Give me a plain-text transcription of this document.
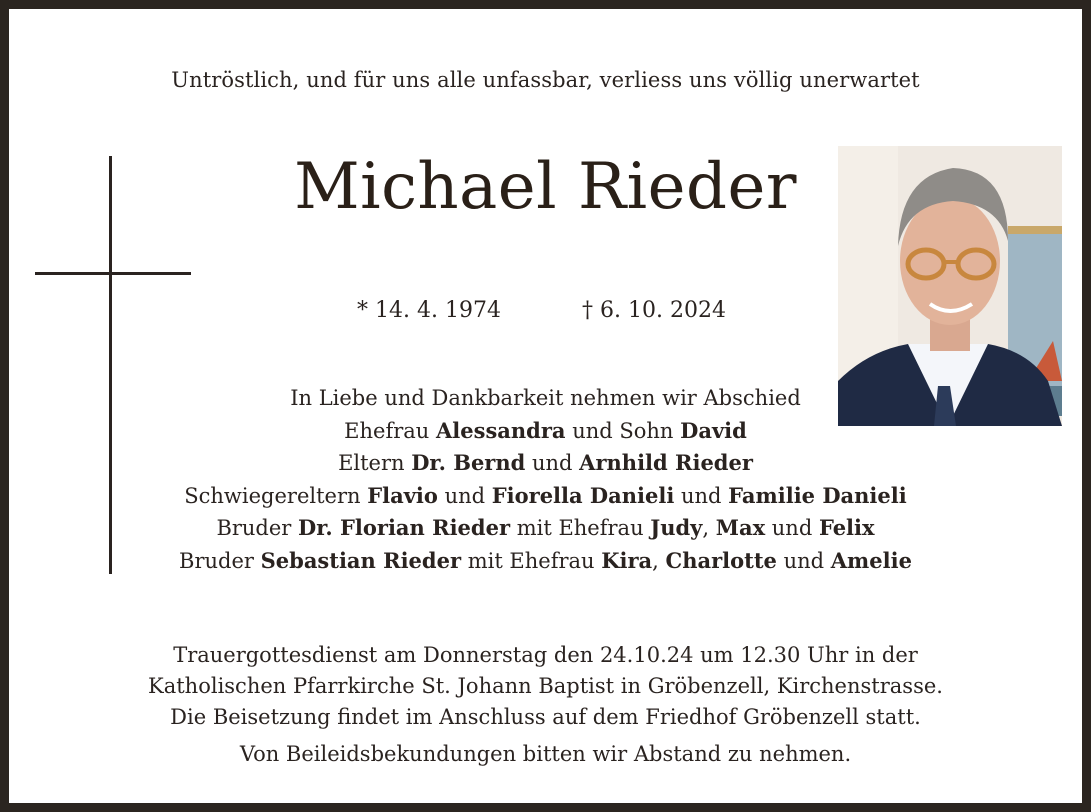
Untröstlich, und für uns alle unfassbar, verliess uns völlig unerwartet
Michael Rieder
* 14. 4. 1974	† 6. 10. 2024
In Liebe und Dankbarkeit nehmen wir Abschied
Ehefrau Alessandra und Sohn David
Eltern Dr. Bernd und Arnhild Rieder
Schwiegereltern Flavio und Fiorella Danieli und Familie Danieli
Bruder Dr. Florian Rieder mit Ehefrau Judy, Max und Felix
Bruder Sebastian Rieder mit Ehefrau Kira, Charlotte und Amelie
Trauergottesdienst am Donnerstag den 24.10.24 um 12.30 Uhr in der
Katholischen Pfarrkirche St. Johann Baptist in Gröbenzell, Kirchenstrasse.
Die Beisetzung findet im Anschluss auf dem Friedhof Gröbenzell statt.
Von Beileidsbekundungen bitten wir Abstand zu nehmen.
